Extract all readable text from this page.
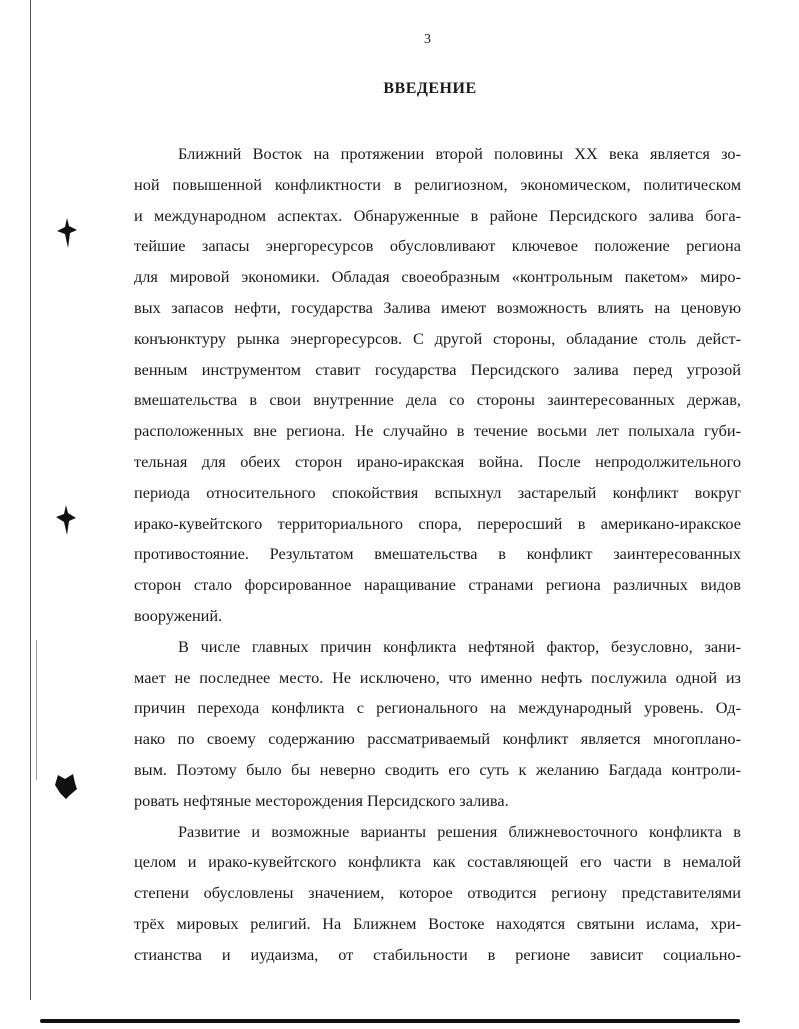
3
ВВЕДЕНИЕ
Ближний Восток на протяжении второй половины XX века является зо-
ной повышенной конфликтности в религиозном, экономическом, политическом
и международном аспектах. Обнаруженные в районе Персидского залива бога-
тейшие запасы энергоресурсов обусловливают ключевое положение региона
для мировой экономики. Обладая своеобразным «контрольным пакетом» миро-
вых запасов нефти, государства Залива имеют возможность влиять на ценовую
конъюнктуру рынка энергоресурсов. С другой стороны, обладание столь дейст-
венным инструментом ставит государства Персидского залива перед угрозой
вмешательства в свои внутренние дела со стороны заинтересованных держав,
расположенных вне региона. Не случайно в течение восьми лет полыхала губи-
тельная для обеих сторон ирано-иракская война. После непродолжительного
периода относительного спокойствия вспыхнул застарелый конфликт вокруг
ирако-кувейтского территориального спора, переросший в американо-иракское
противостояние. Результатом вмешательства в конфликт заинтересованных
сторон стало форсированное наращивание странами региона различных видов
вооружений.
В числе главных причин конфликта нефтяной фактор, безусловно, зани-
мает не последнее место. Не исключено, что именно нефть послужила одной из
причин перехода конфликта с регионального на международный уровень. Од-
нако по своему содержанию рассматриваемый конфликт является многоплано-
вым. Поэтому было бы неверно сводить его суть к желанию Багдада контроли-
ровать нефтяные месторождения Персидского залива.
Развитие и возможные варианты решения ближневосточного конфликта в
целом и ирако-кувейтского конфликта как составляющей его части в немалой
степени обусловлены значением, которое отводится региону представителями
трёх мировых религий. На Ближнем Востоке находятся святыни ислама, хри-
стианства и иудаизма, от стабильности в регионе зависит социально-
